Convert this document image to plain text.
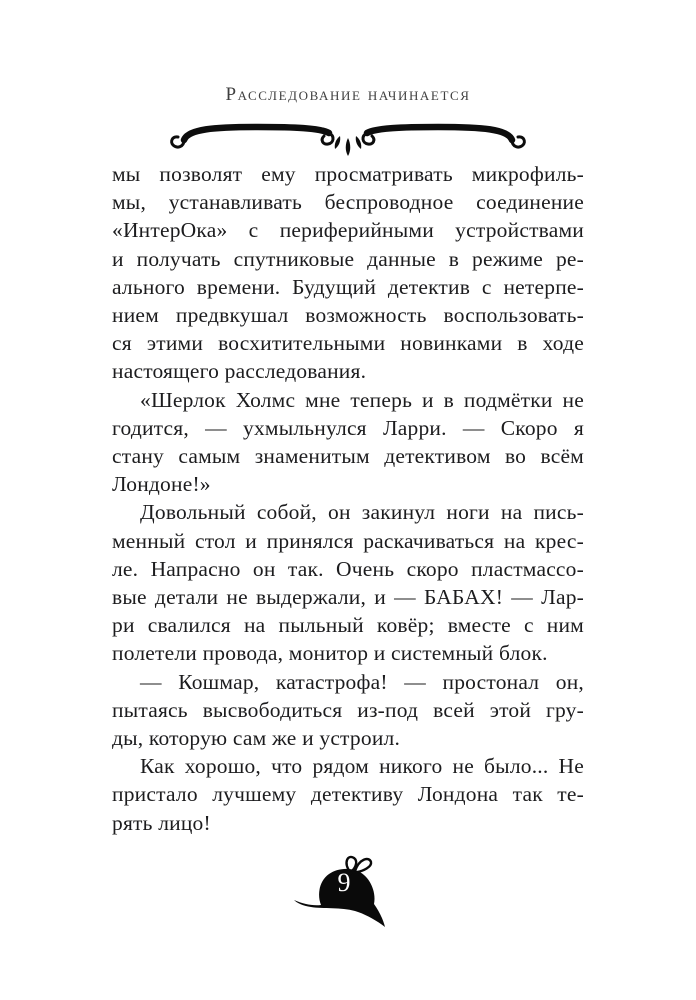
Расследование начинается
мы позволят ему просматривать микрофиль-
мы, устанавливать беспроводное соединение
«ИнтерОка» с периферийными устройствами
и получать спутниковые данные в режиме ре-
ального времени. Будущий детектив с нетерпе-
нием предвкушал возможность воспользовать-
ся этими восхитительными новинками в ходе
настоящего расследования.
«Шерлок Холмс мне теперь и в подмётки не
годится, — ухмыльнулся Ларри. — Скоро я
стану самым знаменитым детективом во всём
Лондоне!»
Довольный собой, он закинул ноги на пись-
менный стол и принялся раскачиваться на крес-
ле. Напрасно он так. Очень скоро пластмассо-
вые детали не выдержали, и — БАБАХ! — Лар-
ри свалился на пыльный ковёр; вместе с ним
полетели провода, монитор и системный блок.
— Кошмар, катастрофа! — простонал он,
пытаясь высвободиться из-под всей этой гру-
ды, которую сам же и устроил.
Как хорошо, что рядом никого не было... Не
пристало лучшему детективу Лондона так те-
рять лицо!
9
